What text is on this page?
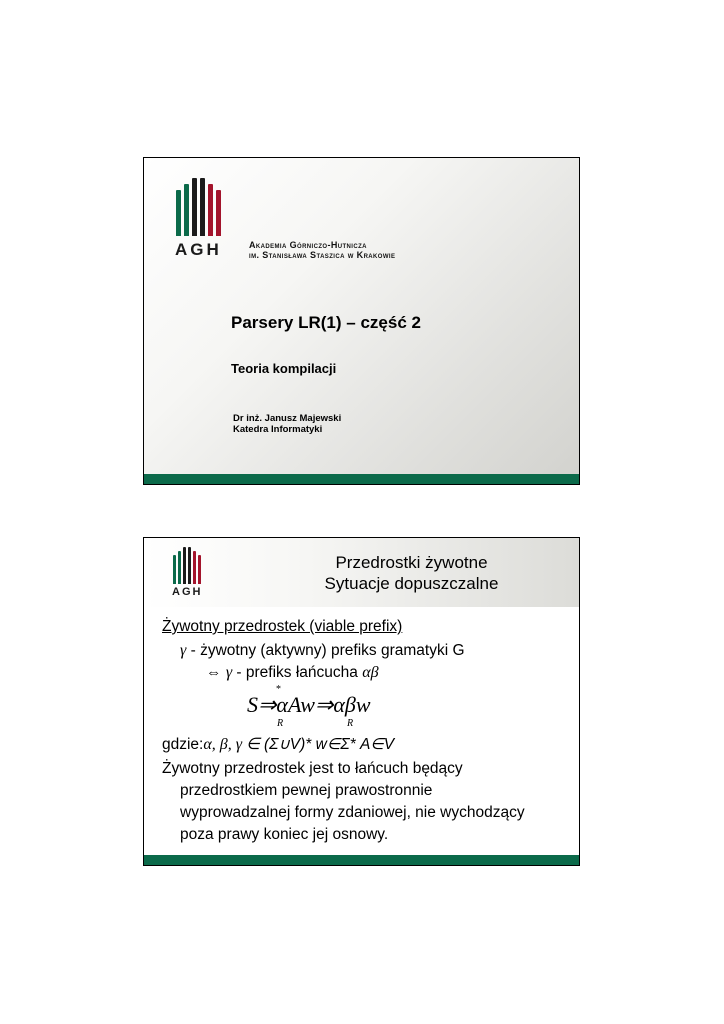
AGH	Akademia Górniczo-Hutnicza
im. Stanisława Staszica w Krakowie
Parsery LR(1) – część 2
Teoria kompilacji
Dr inż. Janusz Majewski
Katedra Informatyki
AGH
Przedrostki żywotne
Sytuacje dopuszczalne
Żywotny przedrostek (viable prefix)
γ - żywotny (aktywny) prefiks gramatyki G
⇔ γ - prefiks łańcucha αβ
*
S⇒αAw⇒αβw
R	R
gdzie:α, β, γ ∈ (Σ∪V)* w∈Σ* A∈V
Żywotny przedrostek jest to łańcuch będący
przedrostkiem pewnej prawostronnie
wyprowadzalnej formy zdaniowej, nie wychodzący
poza prawy koniec jej osnowy.
